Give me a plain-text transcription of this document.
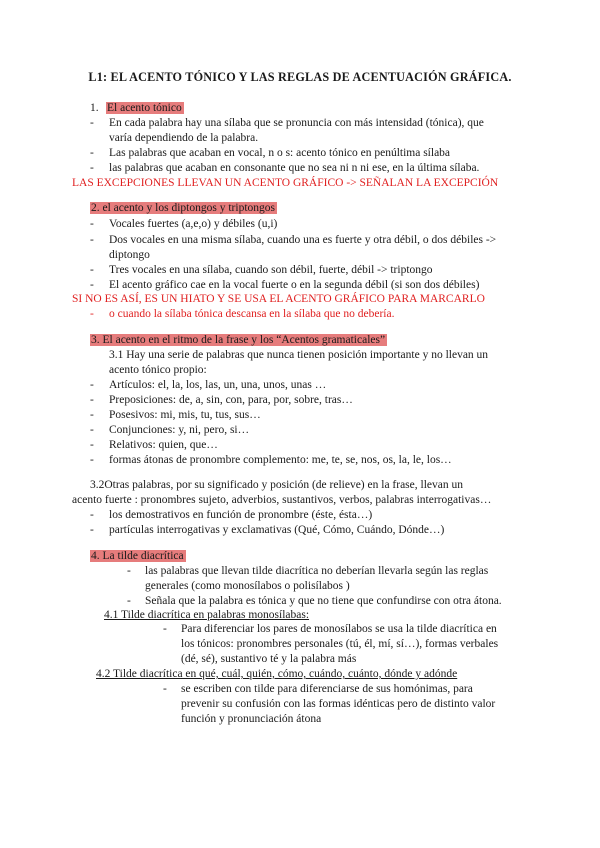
L1: EL ACENTO TÓNICO Y LAS REGLAS DE ACENTUACIÓN GRÁFICA.
1. El acento tónico
- En cada palabra hay una sílaba que se pronuncia con más intensidad (tónica), que
varía dependiendo de la palabra.
- Las palabras que acaban en vocal, n o s: acento tónico en penúltima sílaba
- las palabras que acaban en consonante que no sea ni n ni ese, en la última sílaba.
LAS EXCEPCIONES LLEVAN UN ACENTO GRÁFICO -> SEÑALAN LA EXCEPCIÓN
2. el acento y los diptongos y triptongos
- Vocales fuertes (a,e,o) y débiles (u,i)
- Dos vocales en una misma sílaba, cuando una es fuerte y otra débil, o dos débiles ->
diptongo
- Tres vocales en una sílaba, cuando son débil, fuerte, débil -> triptongo
- El acento gráfico cae en la vocal fuerte o en la segunda débil (si son dos débiles)
SI NO ES ASÍ, ES UN HIATO Y SE USA EL ACENTO GRÁFICO PARA MARCARLO
- o cuando la sílaba tónica descansa en la sílaba que no debería.
3. El acento en el ritmo de la frase y los “Acentos gramaticales”
3.1 Hay una serie de palabras que nunca tienen posición importante y no llevan un
acento tónico propio:
- Artículos: el, la, los, las, un, una, unos, unas …
- Preposiciones: de, a, sin, con, para, por, sobre, tras…
- Posesivos: mi, mis, tu, tus, sus…
- Conjunciones: y, ni, pero, si…
- Relativos: quien, que…
- formas átonas de pronombre complemento: me, te, se, nos, os, la, le, los…
3.2Otras palabras, por su significado y posición (de relieve) en la frase, llevan un
acento fuerte : pronombres sujeto, adverbios, sustantivos, verbos, palabras interrogativas…
- los demostrativos en función de pronombre (éste, ésta…)
- partículas interrogativas y exclamativas (Qué, Cómo, Cuándo, Dónde…)
4. La tilde diacrítica
- las palabras que llevan tilde diacrítica no deberían llevarla según las reglas
generales (como monosílabos o polisílabos )
- Señala que la palabra es tónica y que no tiene que confundirse con otra átona.
4.1 Tilde diacrítica en palabras monosílabas:
- Para diferenciar los pares de monosílabos se usa la tilde diacrítica en
los tónicos: pronombres personales (tú, él, mí, sí…), formas verbales
(dé, sé), sustantivo té y la palabra más
4.2 Tilde diacrítica en qué, cuál, quién, cómo, cuándo, cuánto, dónde y adónde
- se escriben con tilde para diferenciarse de sus homónimas, para
prevenir su confusión con las formas idénticas pero de distinto valor
función y pronunciación átona
